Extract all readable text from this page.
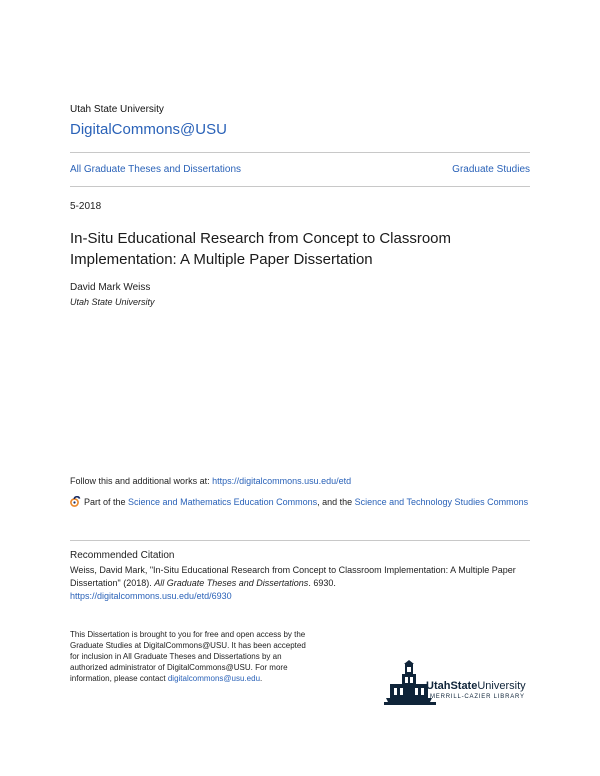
Utah State University
DigitalCommons@USU
All Graduate Theses and Dissertations	Graduate Studies
5-2018
In-Situ Educational Research from Concept to Classroom Implementation: A Multiple Paper Dissertation
David Mark Weiss
Utah State University
Follow this and additional works at: https://digitalcommons.usu.edu/etd
Part of the Science and Mathematics Education Commons, and the Science and Technology Studies Commons
Recommended Citation
Weiss, David Mark, "In-Situ Educational Research from Concept to Classroom Implementation: A Multiple Paper Dissertation" (2018). All Graduate Theses and Dissertations. 6930.
https://digitalcommons.usu.edu/etd/6930
This Dissertation is brought to you for free and open access by the Graduate Studies at DigitalCommons@USU. It has been accepted for inclusion in All Graduate Theses and Dissertations by an authorized administrator of DigitalCommons@USU. For more information, please contact digitalcommons@usu.edu.
UtahStateUniversity
MERRILL-CAZIER LIBRARY
